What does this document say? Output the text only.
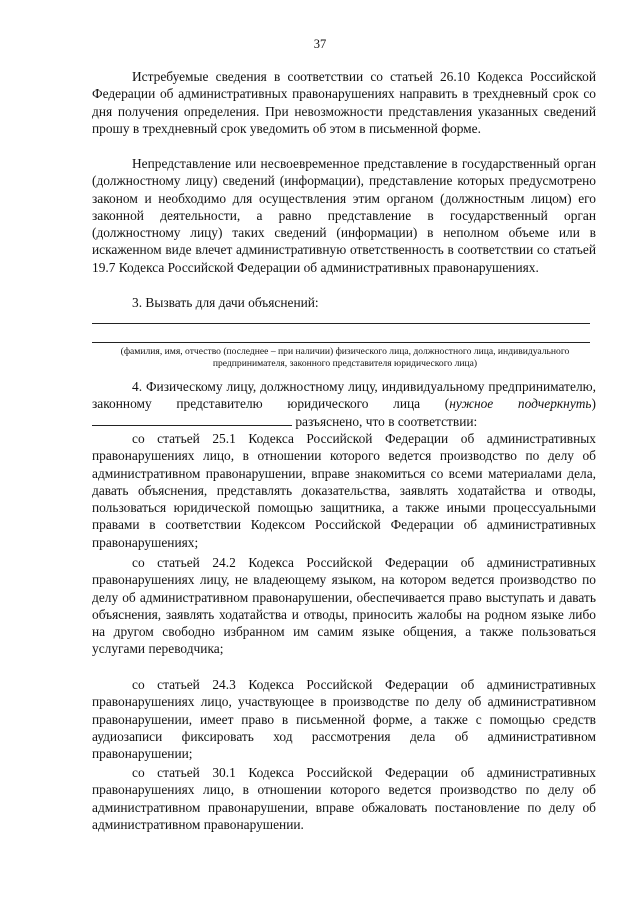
37

Истребуемые сведения в соответствии со статьей 26.10 Кодекса Российской Федерации об административных правонарушениях направить в трехдневный срок со дня получения определения. При невозможности представления указанных сведений прошу в трехдневный срок уведомить об этом в письменной форме.

Непредставление или несвоевременное представление в государственный орган (должностному лицу) сведений (информации), представление которых предусмотрено законом и необходимо для осуществления этим органом (должностным лицом) его законной деятельности, а равно представление в государственный орган (должностному лицу) таких сведений (информации) в неполном объеме или в искаженном виде влечет административную ответственность в соответствии со статьей 19.7 Кодекса Российской Федерации об административных правонарушениях.

3. Вызвать для дачи объяснений:

(фамилия, имя, отчество (последнее – при наличии) физического лица, должностного лица, индивидуального предпринимателя, законного представителя юридического лица)

4. Физическому лицу, должностному лицу, индивидуальному предпринимателю, законному представителю юридического лица (нужное подчеркнуть)  разъяснено, что в соответствии:

со статьей 25.1 Кодекса Российской Федерации об административных правонарушениях лицо, в отношении которого ведется производство по делу об административном правонарушении, вправе знакомиться со всеми материалами дела, давать объяснения, представлять доказательства, заявлять ходатайства и отводы, пользоваться юридической помощью защитника, а также иными процессуальными правами в соответствии Кодексом Российской Федерации об административных правонарушениях;

со статьей 24.2 Кодекса Российской Федерации об административных правонарушениях лицу, не владеющему языком, на котором ведется производство по делу об административном правонарушении, обеспечивается право выступать и давать объяснения, заявлять ходатайства и отводы, приносить жалобы на родном языке либо на другом свободно избранном им самим языке общения, а также пользоваться услугами переводчика;

со статьей 24.3 Кодекса Российской Федерации об административных правонарушениях лицо, участвующее в производстве по делу об административном правонарушении, имеет право в письменной форме, а также с помощью средств аудиозаписи фиксировать ход рассмотрения дела об административном правонарушении;

со статьей 30.1 Кодекса Российской Федерации об административных правонарушениях лицо, в отношении которого ведется производство по делу об административном правонарушении, вправе обжаловать постановление по делу об административном правонарушении.
